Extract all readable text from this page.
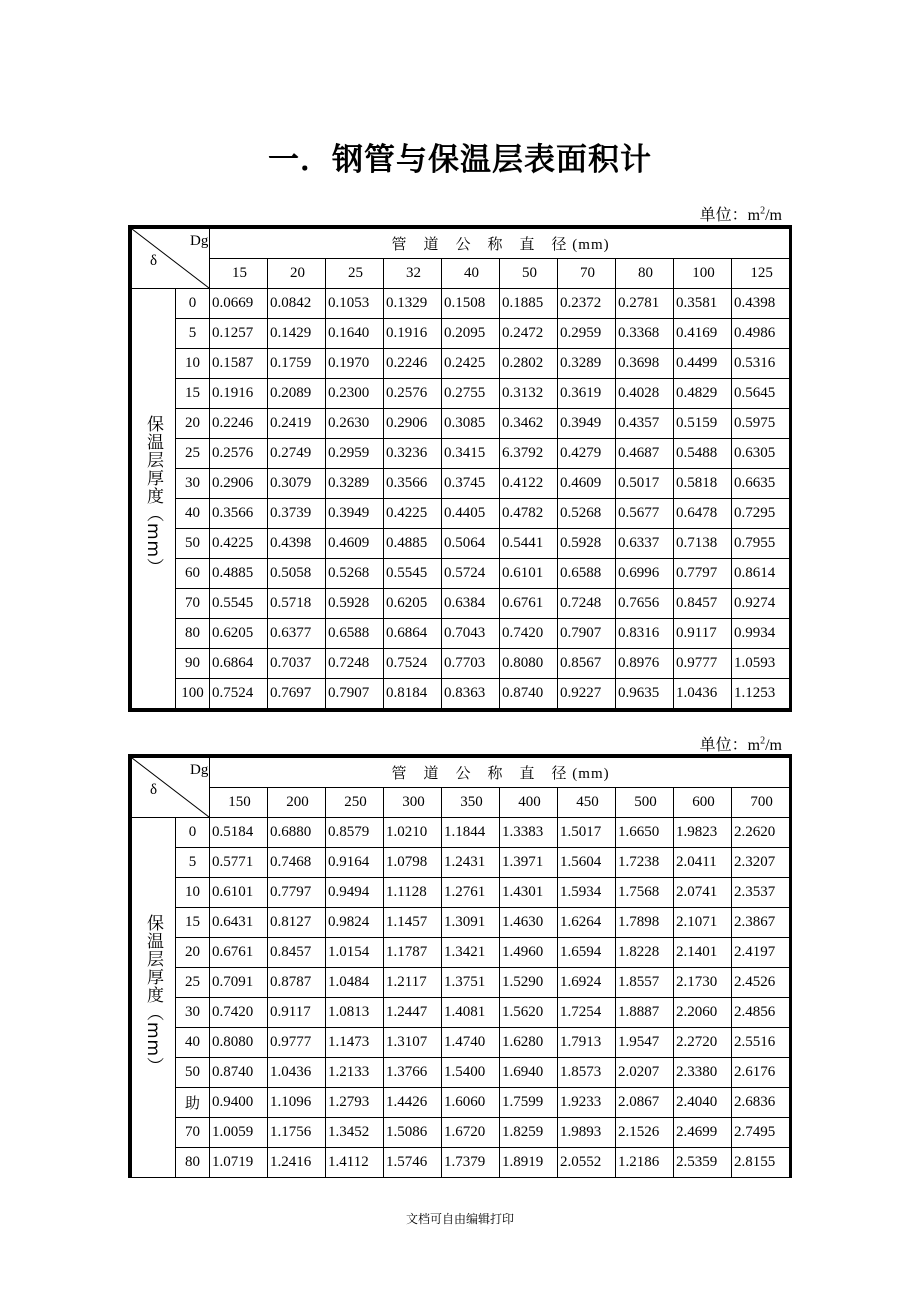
一．钢管与保温层表面积计
单位：$m^2/m$
Dg
δ		管　道　公　称　直　径 (mm)									
		15	20	25	32	40	50	70	80	100	125
保温层厚度（mm）	0	0.0669	0.0842	0.1053	0.1329	0.1508	0.1885	0.2372	0.2781	0.3581	0.4398
	5	0.1257	0.1429	0.1640	0.1916	0.2095	0.2472	0.2959	0.3368	0.4169	0.4986
	10	0.1587	0.1759	0.1970	0.2246	0.2425	0.2802	0.3289	0.3698	0.4499	0.5316
	15	0.1916	0.2089	0.2300	0.2576	0.2755	0.3132	0.3619	0.4028	0.4829	0.5645
	20	0.2246	0.2419	0.2630	0.2906	0.3085	0.3462	0.3949	0.4357	0.5159	0.5975
	25	0.2576	0.2749	0.2959	0.3236	0.3415	6.3792	0.4279	0.4687	0.5488	0.6305
	30	0.2906	0.3079	0.3289	0.3566	0.3745	0.4122	0.4609	0.5017	0.5818	0.6635
	40	0.3566	0.3739	0.3949	0.4225	0.4405	0.4782	0.5268	0.5677	0.6478	0.7295
	50	0.4225	0.4398	0.4609	0.4885	0.5064	0.5441	0.5928	0.6337	0.7138	0.7955
	60	0.4885	0.5058	0.5268	0.5545	0.5724	0.6101	0.6588	0.6996	0.7797	0.8614
	70	0.5545	0.5718	0.5928	0.6205	0.6384	0.6761	0.7248	0.7656	0.8457	0.9274
	80	0.6205	0.6377	0.6588	0.6864	0.7043	0.7420	0.7907	0.8316	0.9117	0.9934
	90	0.6864	0.7037	0.7248	0.7524	0.7703	0.8080	0.8567	0.8976	0.9777	1.0593
	100	0.7524	0.7697	0.7907	0.8184	0.8363	0.8740	0.9227	0.9635	1.0436	1.1253
单位：$m^2/m$
Dg
δ		管　道　公　称　直　径 (mm)									
		150	200	250	300	350	400	450	500	600	700
保温层厚度（mm）	0	0.5184	0.6880	0.8579	1.0210	1.1844	1.3383	1.5017	1.6650	1.9823	2.2620
	5	0.5771	0.7468	0.9164	1.0798	1.2431	1.3971	1.5604	1.7238	2.0411	2.3207
	10	0.6101	0.7797	0.9494	1.1128	1.2761	1.4301	1.5934	1.7568	2.0741	2.3537
	15	0.6431	0.8127	0.9824	1.1457	1.3091	1.4630	1.6264	1.7898	2.1071	2.3867
	20	0.6761	0.8457	1.0154	1.1787	1.3421	1.4960	1.6594	1.8228	2.1401	2.4197
	25	0.7091	0.8787	1.0484	1.2117	1.3751	1.5290	1.6924	1.8557	2.1730	2.4526
	30	0.7420	0.9117	1.0813	1.2447	1.4081	1.5620	1.7254	1.8887	2.2060	2.4856
	40	0.8080	0.9777	1.1473	1.3107	1.4740	1.6280	1.7913	1.9547	2.2720	2.5516
	50	0.8740	1.0436	1.2133	1.3766	1.5400	1.6940	1.8573	2.0207	2.3380	2.6176
	助	0.9400	1.1096	1.2793	1.4426	1.6060	1.7599	1.9233	2.0867	2.4040	2.6836
	70	1.0059	1.1756	1.3452	1.5086	1.6720	1.8259	1.9893	2.1526	2.4699	2.7495
	80	1.0719	1.2416	1.4112	1.5746	1.7379	1.8919	2.0552	1.2186	2.5359	2.8155
文档可自由编辑打印
